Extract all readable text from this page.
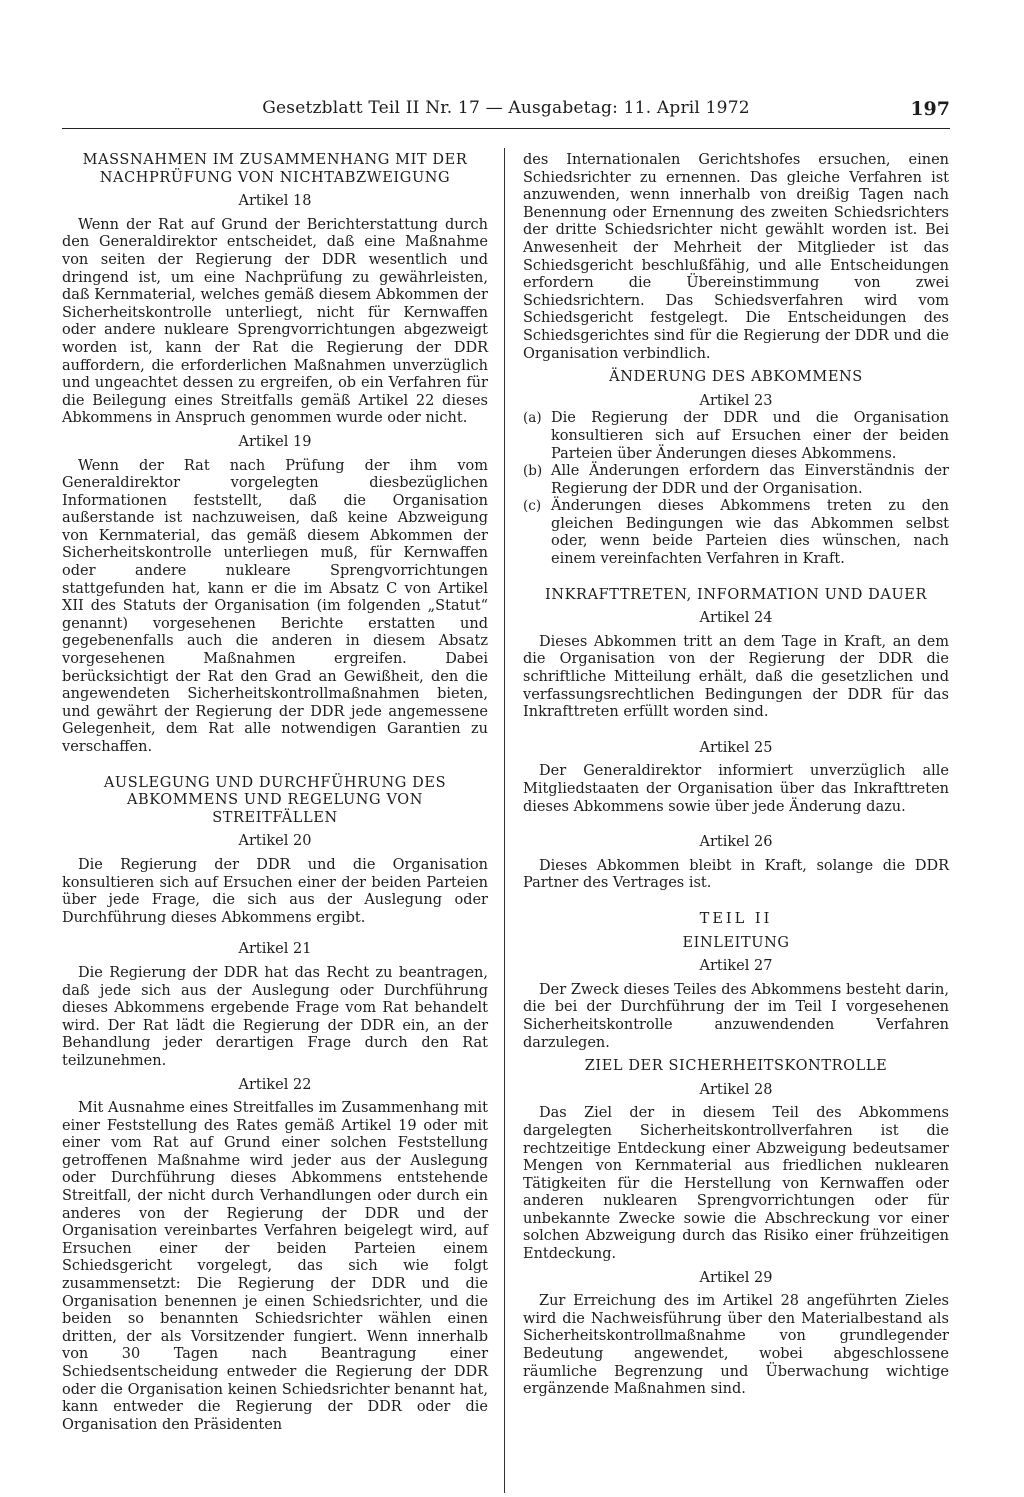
Gesetzblatt Teil II Nr. 17 — Ausgabetag: 11. April 1972	197
MASSNAHMEN IM ZUSAMMENHANG MIT DER NACHPRÜFUNG VON NICHTABZWEIGUNG
Artikel 18

Wenn der Rat auf Grund der Berichterstattung durch den Generaldirektor entscheidet, daß eine Maßnahme von seiten der Regierung der DDR wesentlich und dringend ist, um eine Nachprüfung zu gewährleisten, daß Kernmaterial, welches gemäß diesem Abkommen der Sicherheitskontrolle unterliegt, nicht für Kernwaffen oder andere nukleare Sprengvorrichtungen abgezweigt worden ist, kann der Rat die Regierung der DDR auffordern, die erforderlichen Maßnahmen unverzüglich und ungeachtet dessen zu ergreifen, ob ein Verfahren für die Beilegung eines Streitfalls gemäß Artikel 22 dieses Abkommens in Anspruch genommen wurde oder nicht.

Artikel 19

Wenn der Rat nach Prüfung der ihm vom Generaldirektor vorgelegten diesbezüglichen Informationen feststellt, daß die Organisation außerstande ist nachzuweisen, daß keine Abzweigung von Kernmaterial, das gemäß diesem Abkommen der Sicherheitskontrolle unterliegen muß, für Kernwaffen oder andere nukleare Sprengvorrichtungen stattgefunden hat, kann er die im Absatz C von Artikel XII des Statuts der Organisation (im folgenden „Statut“ genannt) vorgesehenen Berichte erstatten und gegebenenfalls auch die anderen in diesem Absatz vorgesehenen Maßnahmen ergreifen. Dabei berücksichtigt der Rat den Grad an Gewißheit, den die angewendeten Sicherheitskontrollmaßnahmen bieten, und gewährt der Regierung der DDR jede angemessene Gelegenheit, dem Rat alle notwendigen Garantien zu verschaffen.

AUSLEGUNG UND DURCHFÜHRUNG DES ABKOMMENS UND REGELUNG VON STREITFÄLLEN
Artikel 20

Die Regierung der DDR und die Organisation konsultieren sich auf Ersuchen einer der beiden Parteien über jede Frage, die sich aus der Auslegung oder Durchführung dieses Abkommens ergibt.

Artikel 21

Die Regierung der DDR hat das Recht zu beantragen, daß jede sich aus der Auslegung oder Durchführung dieses Abkommens ergebende Frage vom Rat behandelt wird. Der Rat lädt die Regierung der DDR ein, an der Behandlung jeder derartigen Frage durch den Rat teilzunehmen.

Artikel 22

Mit Ausnahme eines Streitfalles im Zusammenhang mit einer Feststellung des Rates gemäß Artikel 19 oder mit einer vom Rat auf Grund einer solchen Feststellung getroffenen Maßnahme wird jeder aus der Auslegung oder Durchführung dieses Abkommens entstehende Streitfall, der nicht durch Verhandlungen oder durch ein anderes von der Regierung der DDR und der Organisation vereinbartes Verfahren beigelegt wird, auf Ersuchen einer der beiden Parteien einem Schiedsgericht vorgelegt, das sich wie folgt zusammensetzt: Die Regierung der DDR und die Organisation benennen je einen Schiedsrichter, und die beiden so benannten Schiedsrichter wählen einen dritten, der als Vorsitzender fungiert. Wenn innerhalb von 30 Tagen nach Beantragung einer Schiedsentscheidung entweder die Regierung der DDR oder die Organisation keinen Schiedsrichter benannt hat, kann entweder die Regierung der DDR oder die Organisation den Präsidenten

des Internationalen Gerichtshofes ersuchen, einen Schiedsrichter zu ernennen. Das gleiche Verfahren ist anzuwenden, wenn innerhalb von dreißig Tagen nach Benennung oder Ernennung des zweiten Schiedsrichters der dritte Schiedsrichter nicht gewählt worden ist. Bei Anwesenheit der Mehrheit der Mitglieder ist das Schiedsgericht beschlußfähig, und alle Entscheidungen erfordern die Übereinstimmung von zwei Schiedsrichtern. Das Schiedsverfahren wird vom Schiedsgericht festgelegt. Die Entscheidungen des Schiedsgerichtes sind für die Regierung der DDR und die Organisation verbindlich.

ÄNDERUNG DES ABKOMMENS
Artikel 23
(a) Die Regierung der DDR und die Organisation konsultieren sich auf Ersuchen einer der beiden Parteien über Änderungen dieses Abkommens.
(b) Alle Änderungen erfordern das Einverständnis der Regierung der DDR und der Organisation.
(c) Änderungen dieses Abkommens treten zu den gleichen Bedingungen wie das Abkommen selbst oder, wenn beide Parteien dies wünschen, nach einem vereinfachten Verfahren in Kraft.
INKRAFTTRETEN, INFORMATION UND DAUER
Artikel 24

Dieses Abkommen tritt an dem Tage in Kraft, an dem die Organisation von der Regierung der DDR die schriftliche Mitteilung erhält, daß die gesetzlichen und verfassungsrechtlichen Bedingungen der DDR für das Inkrafttreten erfüllt worden sind.

Artikel 25

Der Generaldirektor informiert unverzüglich alle Mitgliedstaaten der Organisation über das Inkrafttreten dieses Abkommens sowie über jede Änderung dazu.

Artikel 26

Dieses Abkommen bleibt in Kraft, solange die DDR Partner des Vertrages ist.

TEIL II
EINLEITUNG
Artikel 27

Der Zweck dieses Teiles des Abkommens besteht darin, die bei der Durchführung der im Teil I vorgesehenen Sicherheitskontrolle anzuwendenden Verfahren darzulegen.

ZIEL DER SICHERHEITSKONTROLLE
Artikel 28

Das Ziel der in diesem Teil des Abkommens dargelegten Sicherheitskontrollverfahren ist die rechtzeitige Entdeckung einer Abzweigung bedeutsamer Mengen von Kernmaterial aus friedlichen nuklearen Tätigkeiten für die Herstellung von Kernwaffen oder anderen nuklearen Sprengvorrichtungen oder für unbekannte Zwecke sowie die Abschreckung vor einer solchen Abzweigung durch das Risiko einer frühzeitigen Entdeckung.

Artikel 29

Zur Erreichung des im Artikel 28 angeführten Zieles wird die Nachweisführung über den Materialbestand als Sicherheitskontrollmaßnahme von grundlegender Bedeutung angewendet, wobei abgeschlossene räumliche Begrenzung und Überwachung wichtige ergänzende Maßnahmen sind.
